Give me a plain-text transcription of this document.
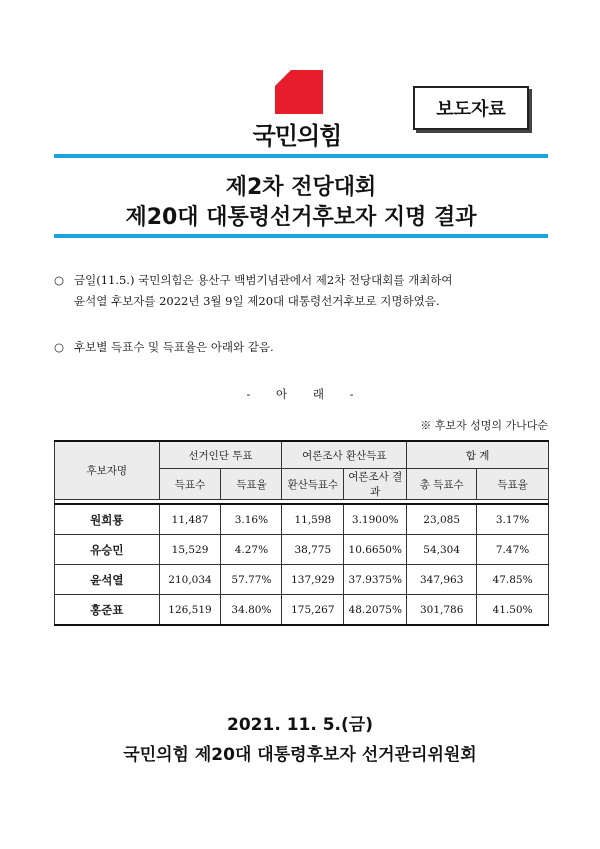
국민의힘
보도자료
제2차 전당대회
제20대 대통령선거후보자 지명 결과
○ 금일(11.5.) 국민의힘은 용산구 백범기념관에서 제2차 전당대회를 개최하여
윤석열 후보자를 2022년 3월 9일 제20대 대통령선거후보로 지명하였음.
○ 후보별 득표수 및 득표율은 아래와 같음.
- 아 래 -
※ 후보자 성명의 가나다순
후보자명	선거인단 투표		여론조사 환산득표		합 계	
	득표수	득표율	환산득표수	여론조사 결과	총 득표수	득표율

원희룡	11,487	3.16%	11,598	3.1900%	23,085	3.17%
유승민	15,529	4.27%	38,775	10.6650%	54,304	7.47%
윤석열	210,034	57.77%	137,929	37.9375%	347,963	47.85%
홍준표	126,519	34.80%	175,267	48.2075%	301,786	41.50%
2021. 11. 5.(금)
국민의힘 제20대 대통령후보자 선거관리위원회
